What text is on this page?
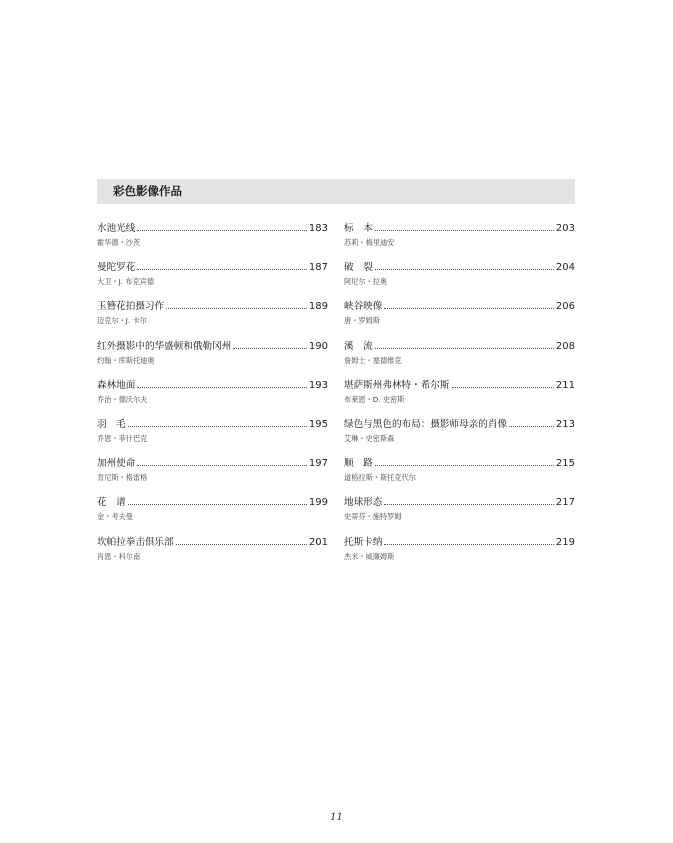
彩色影像作品
水池光线	183
霍华德・沙茨
曼陀罗花	187
大卫・J. 布克宾德
玉簪花拍摄习作	189
迈克尔・J. 卡尔
红外摄影中的华盛顿和俄勒冈州	190
约翰・库斯托迪奥
森林地面	193
乔治・德沃尔夫
羽　毛	195
乔恩・菲什巴克
加州使命	197
肯尼斯・格雷格
花　谱	199
金・考夫曼
坎帕拉拳击俱乐部	201
肖恩・科尔南
标　本	203
苏莉・梅里迪安
破　裂	204
阿尼尔・拉奥
峡谷映像	206
唐・罗姆斯
溪　流	208
詹姆士・塞德维克
堪萨斯州弗林特・希尔斯	211
布莱恩・D. 史密斯
绿色与黑色的布局：摄影师母亲的肖像	213
艾琳・史密斯森
顺　路	215
道格拉斯・斯托克代尔
地球形态	217
史蒂芬・施特罗姆
托斯卡纳	219
杰米・威廉姆斯
11
